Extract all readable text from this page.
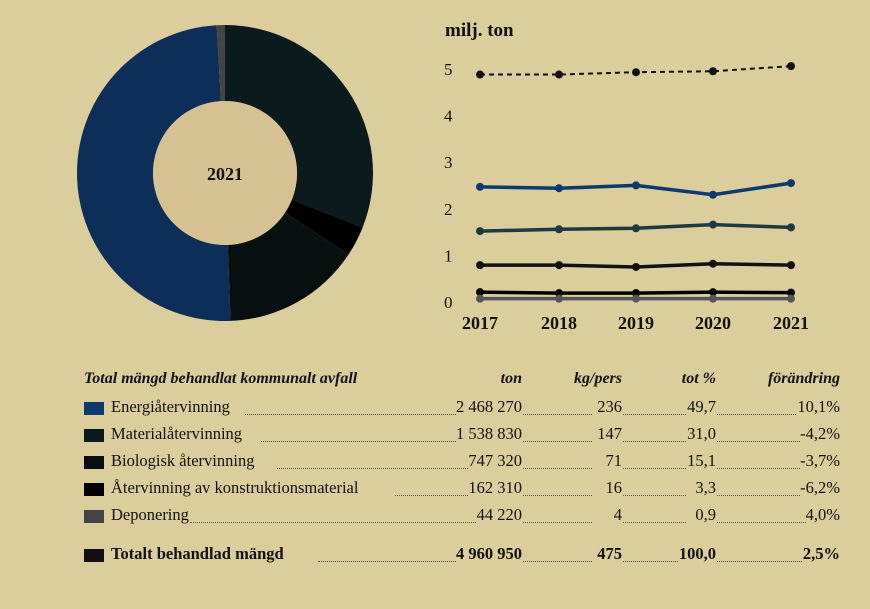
2021
milj. ton
0
1
2
3
4
5
2017 2018 2019 2020 2021
Total mängd behandlat kommunalt avfall	ton	kg/pers	tot %	förändring
Energiåtervinning	2 468 270	236	49,7	10,1%
Materialåtervinning	1 538 830	147	31,0	-4,2%
Biologisk återvinning	747 320	71	15,1	-3,7%
Återvinning av konstruktionsmaterial	162 310	16	3,3	-6,2%
Deponering	44 220	4	0,9	4,0%
Totalt behandlad mängd	4 960 950	475	100,0	2,5%
